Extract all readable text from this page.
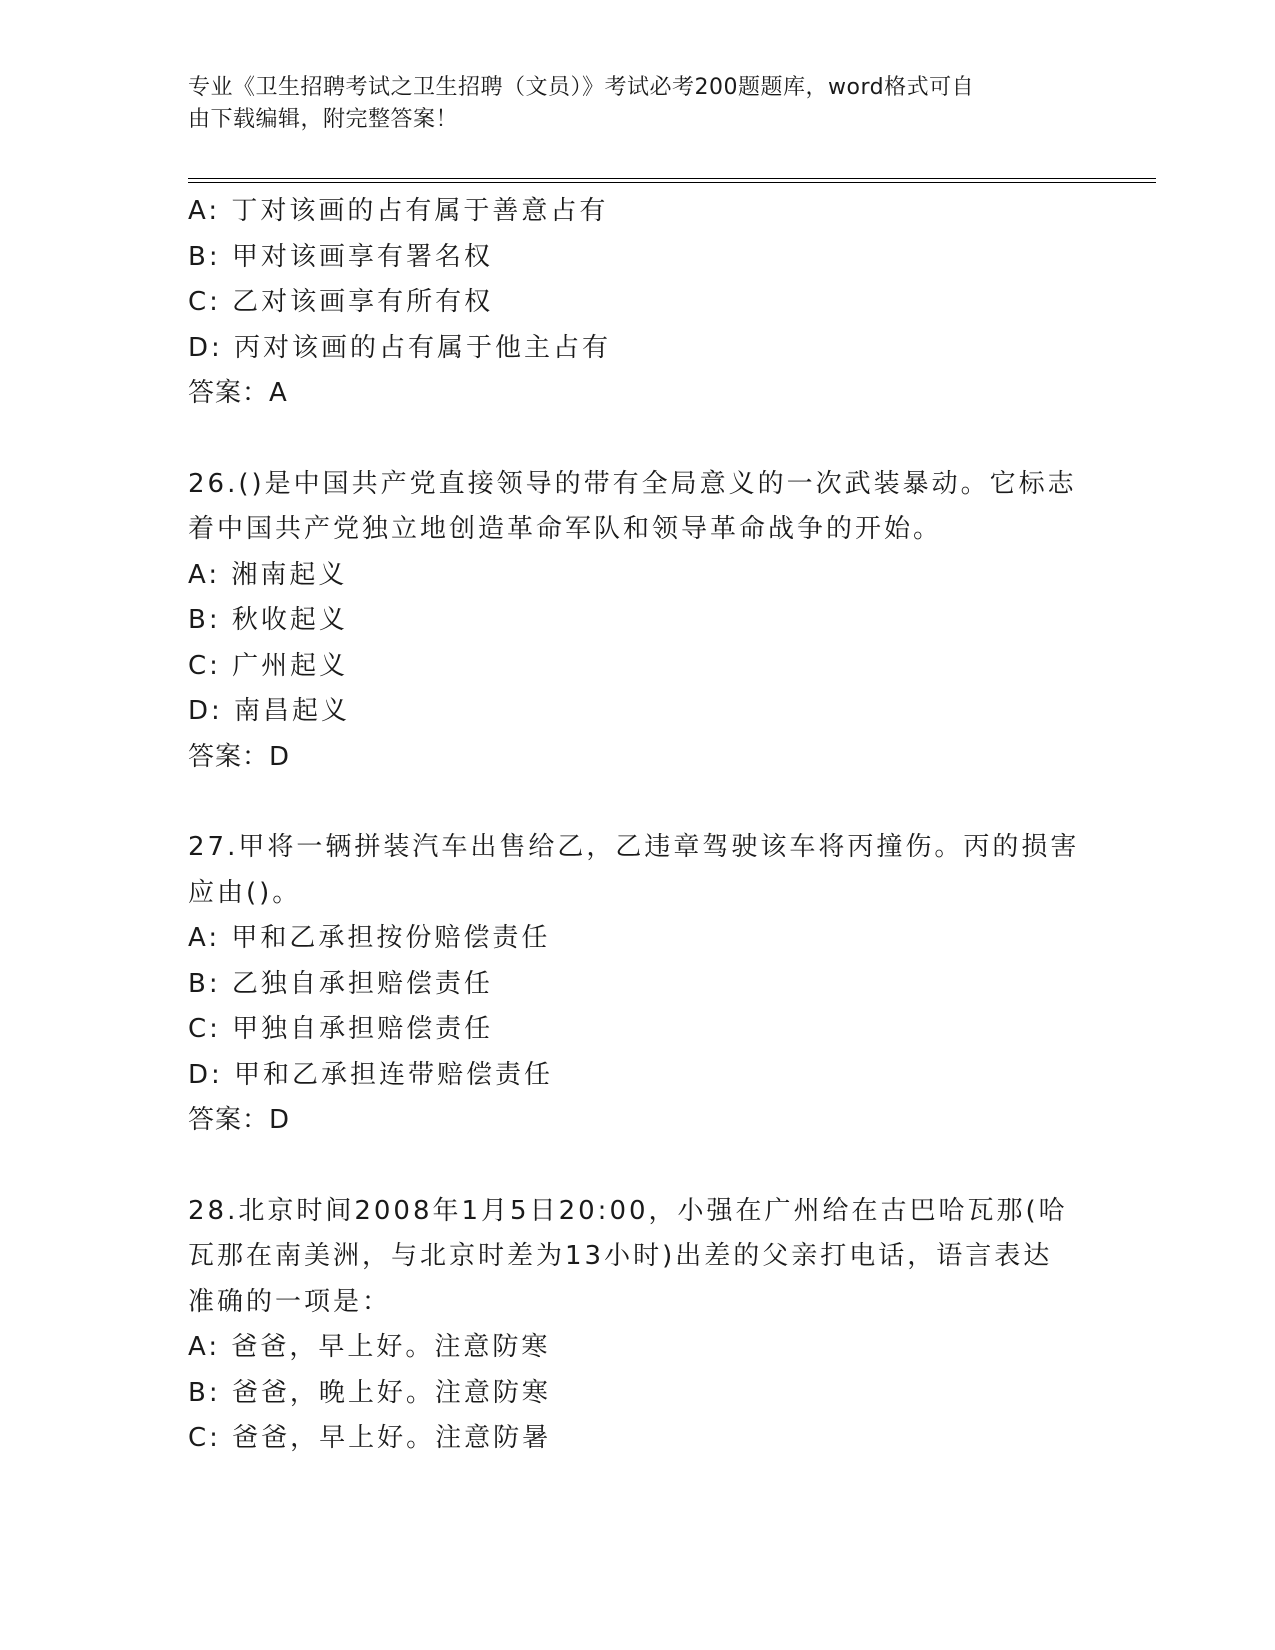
专业《卫生招聘考试之卫生招聘（文员）》考试必考200题题库，word格式可自
由下载编辑，附完整答案！
A: 丁对该画的占有属于善意占有
B: 甲对该画享有署名权
C: 乙对该画享有所有权
D: 丙对该画的占有属于他主占有
答案：A
26.()是中国共产党直接领导的带有全局意义的一次武装暴动。它标志
着中国共产党独立地创造革命军队和领导革命战争的开始。
A: 湘南起义
B: 秋收起义
C: 广州起义
D: 南昌起义
答案：D
27.甲将一辆拼装汽车出售给乙，乙违章驾驶该车将丙撞伤。丙的损害
应由()。
A: 甲和乙承担按份赔偿责任
B: 乙独自承担赔偿责任
C: 甲独自承担赔偿责任
D: 甲和乙承担连带赔偿责任
答案：D
28.北京时间2008年1月5日20:00，小强在广州给在古巴哈瓦那(哈
瓦那在南美洲，与北京时差为13小时)出差的父亲打电话，语言表达
准确的一项是：
A: 爸爸，早上好。注意防寒
B: 爸爸，晚上好。注意防寒
C: 爸爸，早上好。注意防暑
